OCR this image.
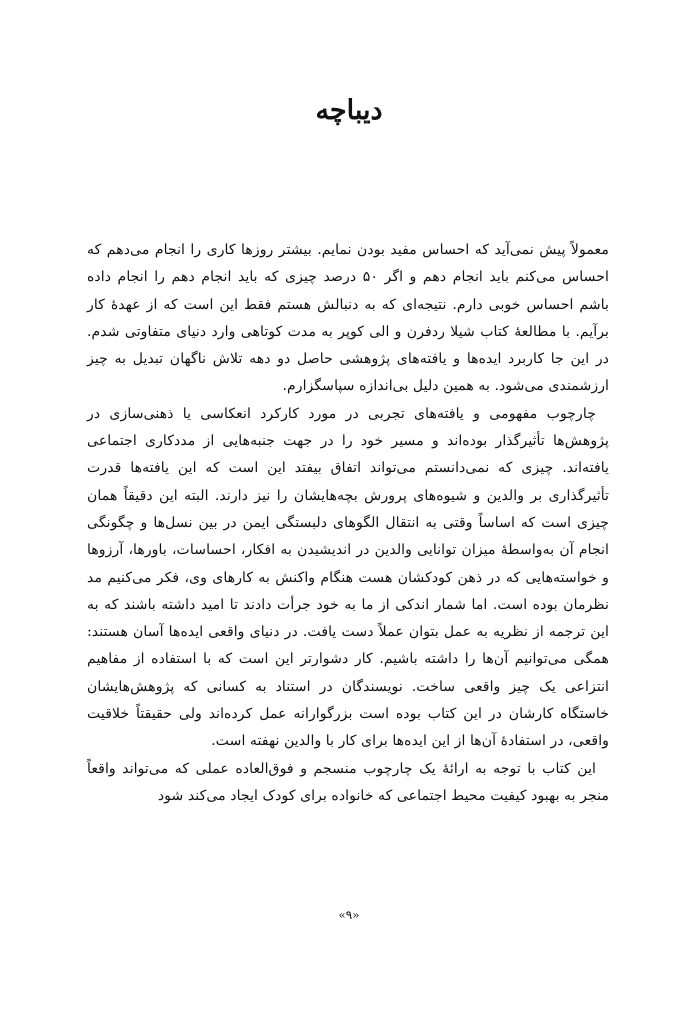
دیباچه

معمولاً پیش نمی‌آید که احساس مفید بودن نمایم. بیشتر روزها کاری را انجام می‌دهم که احساس می‌کنم باید انجام دهم و اگر ۵۰ درصد چیزی که باید انجام دهم را انجام داده باشم احساس خوبی دارم. نتیجه‌ای که به دنبالش هستم فقط این است که از عهدهٔ کار برآیم. با مطالعهٔ کتاب شیلا ردفرن و الی کوپر به مدت کوتاهی وارد دنیای متفاوتی شدم. در این جا کاربرد ایده‌ها و یافته‌های پژوهشی حاصل دو دهه تلاش ناگهان تبدیل به چیز ارزشمندی می‌شود. به همین دلیل بی‌اندازه سپاسگزارم.

چارچوب مفهومی و یافته‌های تجربی در مورد کارکرد انعکاسی یا ذهنی‌سازی در پژوهش‌ها تأثیرگذار بوده‌اند و مسیر خود را در جهت جنبه‌هایی از مددکاری اجتماعی یافته‌اند. چیزی که نمی‌دانستم می‌تواند اتفاق بیفتد این است که این یافته‌ها قدرت تأثیرگذاری بر والدین و شیوه‌های پرورش بچه‌هایشان را نیز دارند. البته این دقیقاً همان چیزی است که اساساً وقتی به انتقال الگوهای دلبستگی ایمن در بین نسل‌ها و چگونگی انجام آن به‌واسطهٔ میزان توانایی والدین در اندیشیدن به افکار، احساسات، باورها، آرزوها و خواسته‌هایی که در ذهن کودکشان هست هنگام واکنش به کارهای وی، فکر می‌کنیم مد نظرمان بوده است. اما شمار اندکی از ما به خود جرأت دادند تا امید داشته باشند که به این ترجمه از نظریه به عمل بتوان عملاً دست یافت. در دنیای واقعی ایده‌ها آسان هستند: همگی می‌توانیم آن‌ها را داشته باشیم. کار دشوارتر این است که با استفاده از مفاهیم انتزاعی یک چیز واقعی ساخت. نویسندگان در استناد به کسانی که پژوهش‌هایشان خاستگاه کارشان در این کتاب بوده است بزرگوارانه عمل کرده‌اند ولی حقیقتاً خلاقیت واقعی، در استفادهٔ آن‌ها از این ایده‌ها برای کار با والدین نهفته است.

این کتاب با توجه به ارائهٔ یک چارچوب منسجم و فوق‌العاده عملی که می‌تواند واقعاً منجر به بهبود کیفیت محیط اجتماعی که خانواده برای کودک ایجاد می‌کند شود

«۹»
